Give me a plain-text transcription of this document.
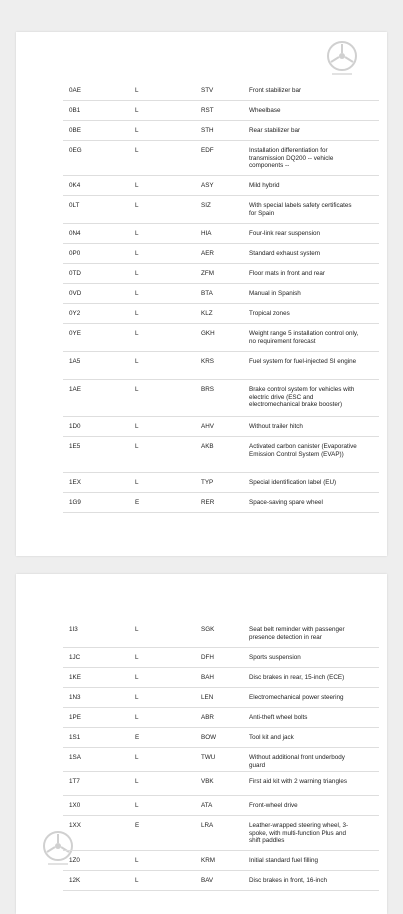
0AE	L	STV	Front stabilizer bar
0B1	L	RST	Wheelbase
0BE	L	STH	Rear stabilizer bar
0EG	L	EDF	Installation differentiation for transmission DQ200 -- vehicle components --
0K4	L	ASY	Mild hybrid
0LT	L	SIZ	With special labels safety certificates for Spain
0N4	L	HIA	Four-link rear suspension
0P0	L	AER	Standard exhaust system
0TD	L	ZFM	Floor mats in front and rear
0VD	L	BTA	Manual in Spanish
0Y2	L	KLZ	Tropical zones
0YE	L	GKH	Weight range 5 installation control only, no requirement forecast
1A5	L	KRS	Fuel system for fuel-injected SI engine
1AE	L	BRS	Brake control system for vehicles with electric drive (ESC and electromechanical brake booster)
1D0	L	AHV	Without trailer hitch
1E5	L	AKB	Activated carbon canister (Evaporative Emission Control System (EVAP))
1EX	L	TYP	Special identification label (EU)
1G9	E	RER	Space-saving spare wheel
1I3	L	SGK	Seat belt reminder with passenger presence detection in rear
1JC	L	DFH	Sports suspension
1KE	L	BAH	Disc brakes in rear, 15-inch (ECE)
1N3	L	LEN	Electromechanical power steering
1PE	L	ABR	Anti-theft wheel bolts
1S1	E	BOW	Tool kit and jack
1SA	L	TWU	Without additional front underbody guard
1T7	L	VBK	First aid kit with 2 warning triangles
1X0	L	ATA	Front-wheel drive
1XX	E	LRA	Leather-wrapped steering wheel, 3-spoke, with multi-function Plus and shift paddles
1Z0	L	KRM	Initial standard fuel filling
12K	L	BAV	Disc brakes in front, 16-inch
